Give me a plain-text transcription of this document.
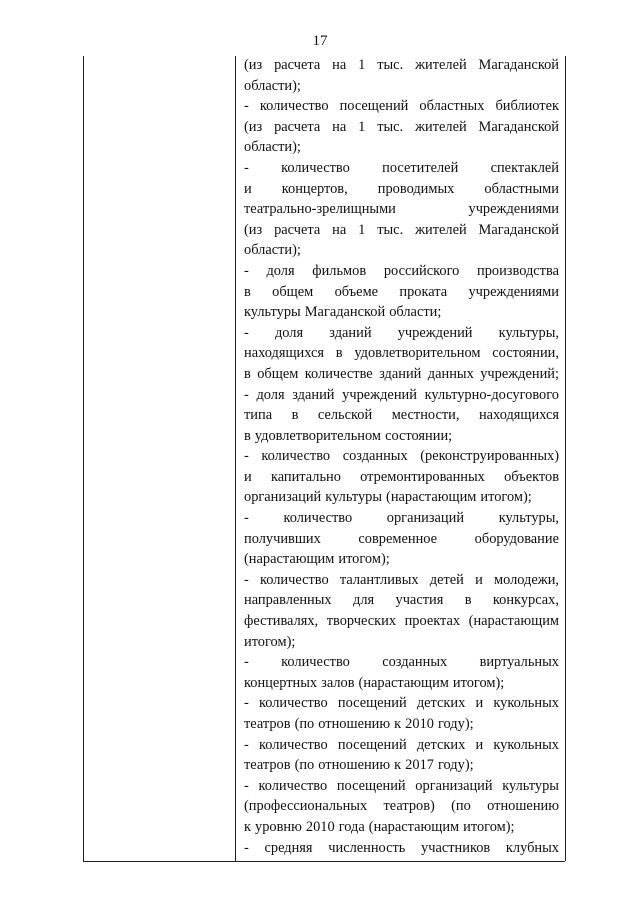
17
(из расчета на 1 тыс. жителей Магаданской
области);
- количество посещений областных библиотек
(из расчета на 1 тыс. жителей Магаданской
области);
- количество посетителей спектаклей
и концертов, проводимых областными
театрально-зрелищными	учреждениями
(из расчета на 1 тыс. жителей Магаданской
области);
- доля фильмов российского производства
в общем объеме проката учреждениями
культуры Магаданской области;
- доля зданий учреждений культуры,
находящихся в удовлетворительном состоянии,
в общем количестве зданий данных учреждений;
- доля зданий учреждений культурно-досугового
типа в сельской местности, находящихся
в удовлетворительном состоянии;
- количество созданных (реконструированных)
и капитально отремонтированных объектов
организаций культуры (нарастающим итогом);
- количество организаций культуры,
получивших	современное	оборудование
(нарастающим итогом);
- количество талантливых детей и молодежи,
направленных для участия в конкурсах,
фестивалях, творческих проектах (нарастающим
итогом);
- количество созданных виртуальных
концертных залов (нарастающим итогом);
- количество посещений детских и кукольных
театров (по отношению к 2010 году);
- количество посещений детских и кукольных
театров (по отношению к 2017 году);
- количество посещений организаций культуры
(профессиональных театров) (по отношению
к уровню 2010 года (нарастающим итогом);
- средняя численность участников клубных
